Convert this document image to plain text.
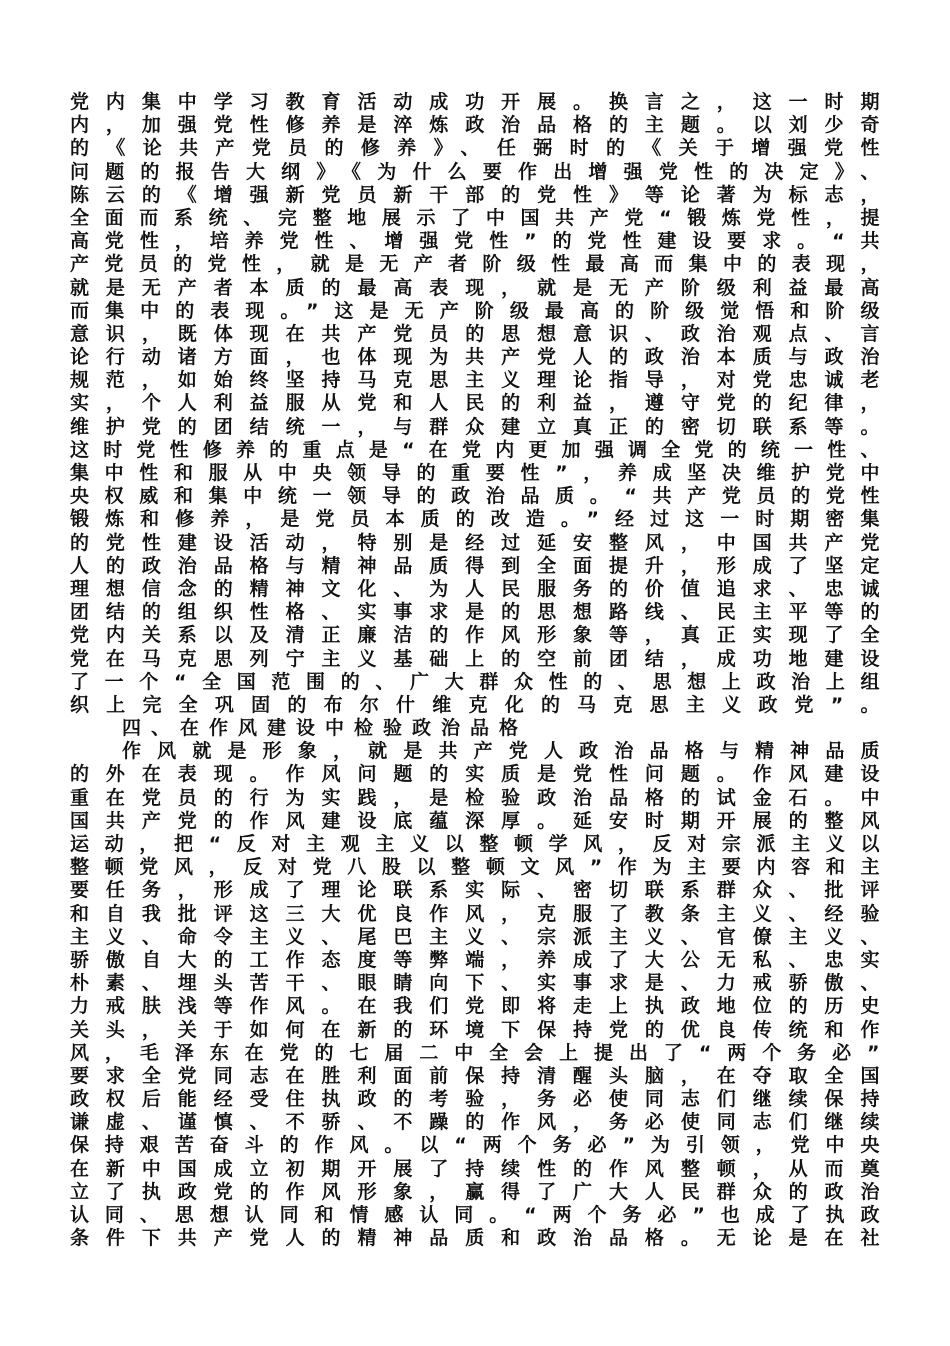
党内集中学习教育活动成功开展。换言之，这一时期
内，加强党性修养是淬炼政治品格的主题。以刘少奇
的《论共产党员的修养》、任弼时的《关于增强党性
问题的报告大纲》《为什么要作出增强党性的决定》、
陈云的《增强新党员新干部的党性》等论著为标志，
全面而系统、完整地展示了中国共产党“锻炼党性，提
高党性，培养党性、增强党性”的党性建设要求。“共
产党员的党性，就是无产者阶级性最高而集中的表现，
就是无产者本质的最高表现，就是无产阶级利益最高
而集中的表现。”这是无产阶级最高的阶级觉悟和阶级
意识，既体现在共产党员的思想意识、政治观点、言
论行动诸方面，也体现为共产党人的政治本质与政治
规范，如始终坚持马克思主义理论指导，对党忠诚老
实，个人利益服从党和人民的利益，遵守党的纪律，
维护党的团结统一，与群众建立真正的密切联系等。
这时党性修养的重点是“在党内更加强调全党的统一性、
集中性和服从中央领导的重要性”，养成坚决维护党中
央权威和集中统一领导的政治品质。“共产党员的党性
锻炼和修养，是党员本质的改造。”经过这一时期密集
的党性建设活动，特别是经过延安整风，中国共产党
人的政治品格与精神品质得到全面提升，形成了坚定
理想信念的精神文化、为人民服务的价值追求、忠诚
团结的组织性格、实事求是的思想路线、民主平等的
党内关系以及清正廉洁的作风形象等，真正实现了全
党在马克思列宁主义基础上的空前团结，成功地建设
了一个“全国范围的、广大群众性的、思想上政治上组
织上完全巩固的布尔什维克化的马克思主义政党”。
四、在作风建设中检验政治品格
作风就是形象，就是共产党人政治品格与精神品质
的外在表现。作风问题的实质是党性问题。作风建设
重在党员的行为实践，是检验政治品格的试金石。中
国共产党的作风建设底蕴深厚。延安时期开展的整风
运动，把“反对主观主义以整顿学风，反对宗派主义以
整顿党风，反对党八股以整顿文风”作为主要内容和主
要任务，形成了理论联系实际、密切联系群众、批评
和自我批评这三大优良作风，克服了教条主义、经验
主义、命令主义、尾巴主义、宗派主义、官僚主义、
骄傲自大的工作态度等弊端，养成了大公无私、忠实
朴素、埋头苦干、眼睛向下、实事求是、力戒骄傲、
力戒肤浅等作风。在我们党即将走上执政地位的历史
关头，关于如何在新的环境下保持党的优良传统和作
风，毛泽东在党的七届二中全会上提出了“两个务必”
要求全党同志在胜利面前保持清醒头脑，在夺取全国
政权后能经受住执政的考验，务必使同志们继续保持
谦虚、谨慎、不骄、不躁的作风，务必使同志们继续
保持艰苦奋斗的作风。以“两个务必”为引领，党中央
在新中国成立初期开展了持续性的作风整顿，从而奠
立了执政党的作风形象，赢得了广大人民群众的政治
认同、思想认同和情感认同。“两个务必”也成了执政
条件下共产党人的精神品质和政治品格。无论是在社
